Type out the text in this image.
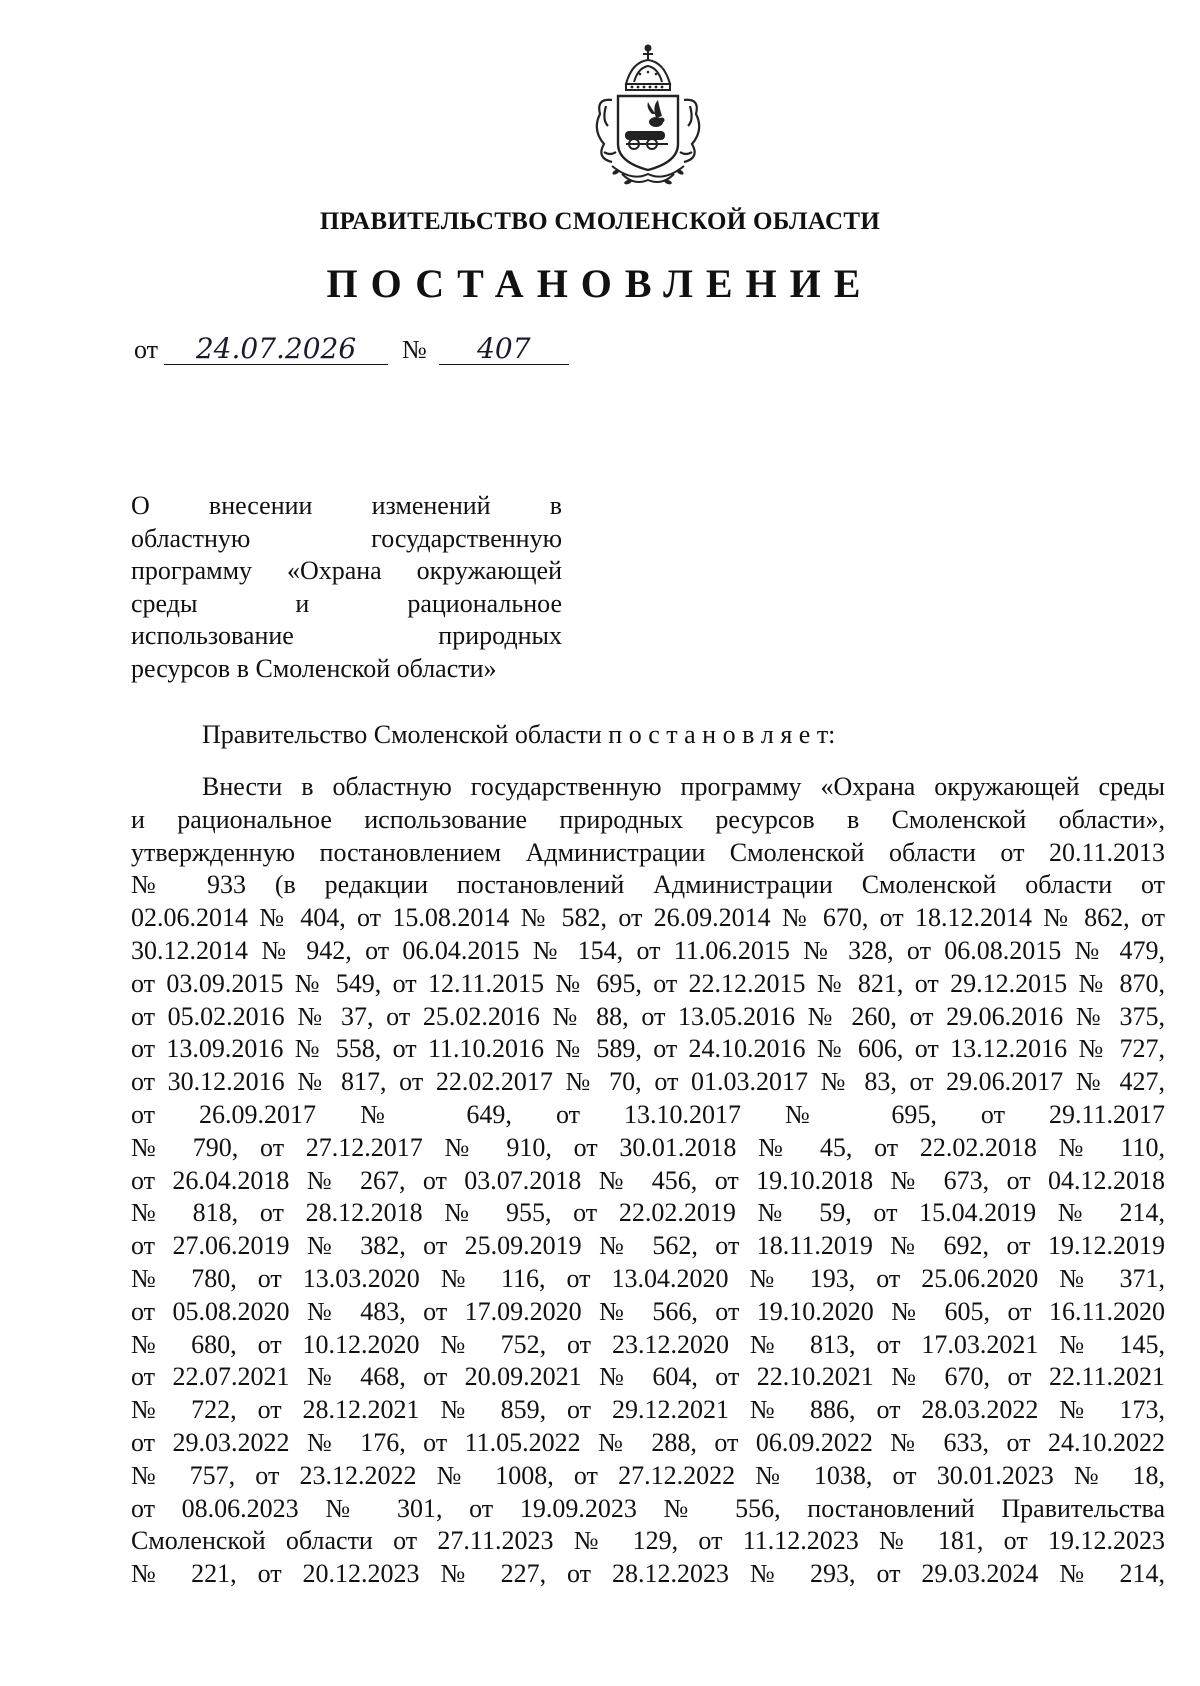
ПРАВИТЕЛЬСТВО СМОЛЕНСКОЙ ОБЛАСТИ
ПОСТАНОВЛЕНИЕ
от	24.07.2026	№	407
О внесении изменений в
областную государственную
программу «Охрана окружающей
среды и рациональное
использование природных
ресурсов в Смоленской области»
Правительство Смоленской области п о с т а н о в л я е т:
Внести в областную государственную программу «Охрана окружающей среды
и рациональное использование природных ресурсов в Смоленской области»,
утвержденную постановлением Администрации Смоленской области от 20.11.2013
№ 933 (в редакции постановлений Администрации Смоленской области от
02.06.2014 № 404, от 15.08.2014 № 582, от 26.09.2014 № 670, от 18.12.2014 № 862, от
30.12.2014 № 942, от 06.04.2015 № 154, от 11.06.2015 № 328, от 06.08.2015 № 479,
от 03.09.2015 № 549, от 12.11.2015 № 695, от 22.12.2015 № 821, от 29.12.2015 № 870,
от 05.02.2016 № 37, от 25.02.2016 № 88, от 13.05.2016 № 260, от 29.06.2016 № 375,
от 13.09.2016 № 558, от 11.10.2016 № 589, от 24.10.2016 № 606, от 13.12.2016 № 727,
от 30.12.2016 № 817, от 22.02.2017 № 70, от 01.03.2017 № 83, от 29.06.2017 № 427,
от 26.09.2017 № 649, от 13.10.2017 № 695, от 29.11.2017
№ 790, от 27.12.2017 № 910, от 30.01.2018 № 45, от 22.02.2018 № 110,
от 26.04.2018 № 267, от 03.07.2018 № 456, от 19.10.2018 № 673, от 04.12.2018
№ 818, от 28.12.2018 № 955, от 22.02.2019 № 59, от 15.04.2019 № 214,
от 27.06.2019 № 382, от 25.09.2019 № 562, от 18.11.2019 № 692, от 19.12.2019
№ 780, от 13.03.2020 № 116, от 13.04.2020 № 193, от 25.06.2020 № 371,
от 05.08.2020 № 483, от 17.09.2020 № 566, от 19.10.2020 № 605, от 16.11.2020
№ 680, от 10.12.2020 № 752, от 23.12.2020 № 813, от 17.03.2021 № 145,
от 22.07.2021 № 468, от 20.09.2021 № 604, от 22.10.2021 № 670, от 22.11.2021
№ 722, от 28.12.2021 № 859, от 29.12.2021 № 886, от 28.03.2022 № 173,
от 29.03.2022 № 176, от 11.05.2022 № 288, от 06.09.2022 № 633, от 24.10.2022
№ 757, от 23.12.2022 № 1008, от 27.12.2022 № 1038, от 30.01.2023 № 18,
от 08.06.2023 № 301, от 19.09.2023 № 556, постановлений Правительства
Смоленской области от 27.11.2023 № 129, от 11.12.2023 № 181, от 19.12.2023
№ 221, от 20.12.2023 № 227, от 28.12.2023 № 293, от 29.03.2024 № 214,
